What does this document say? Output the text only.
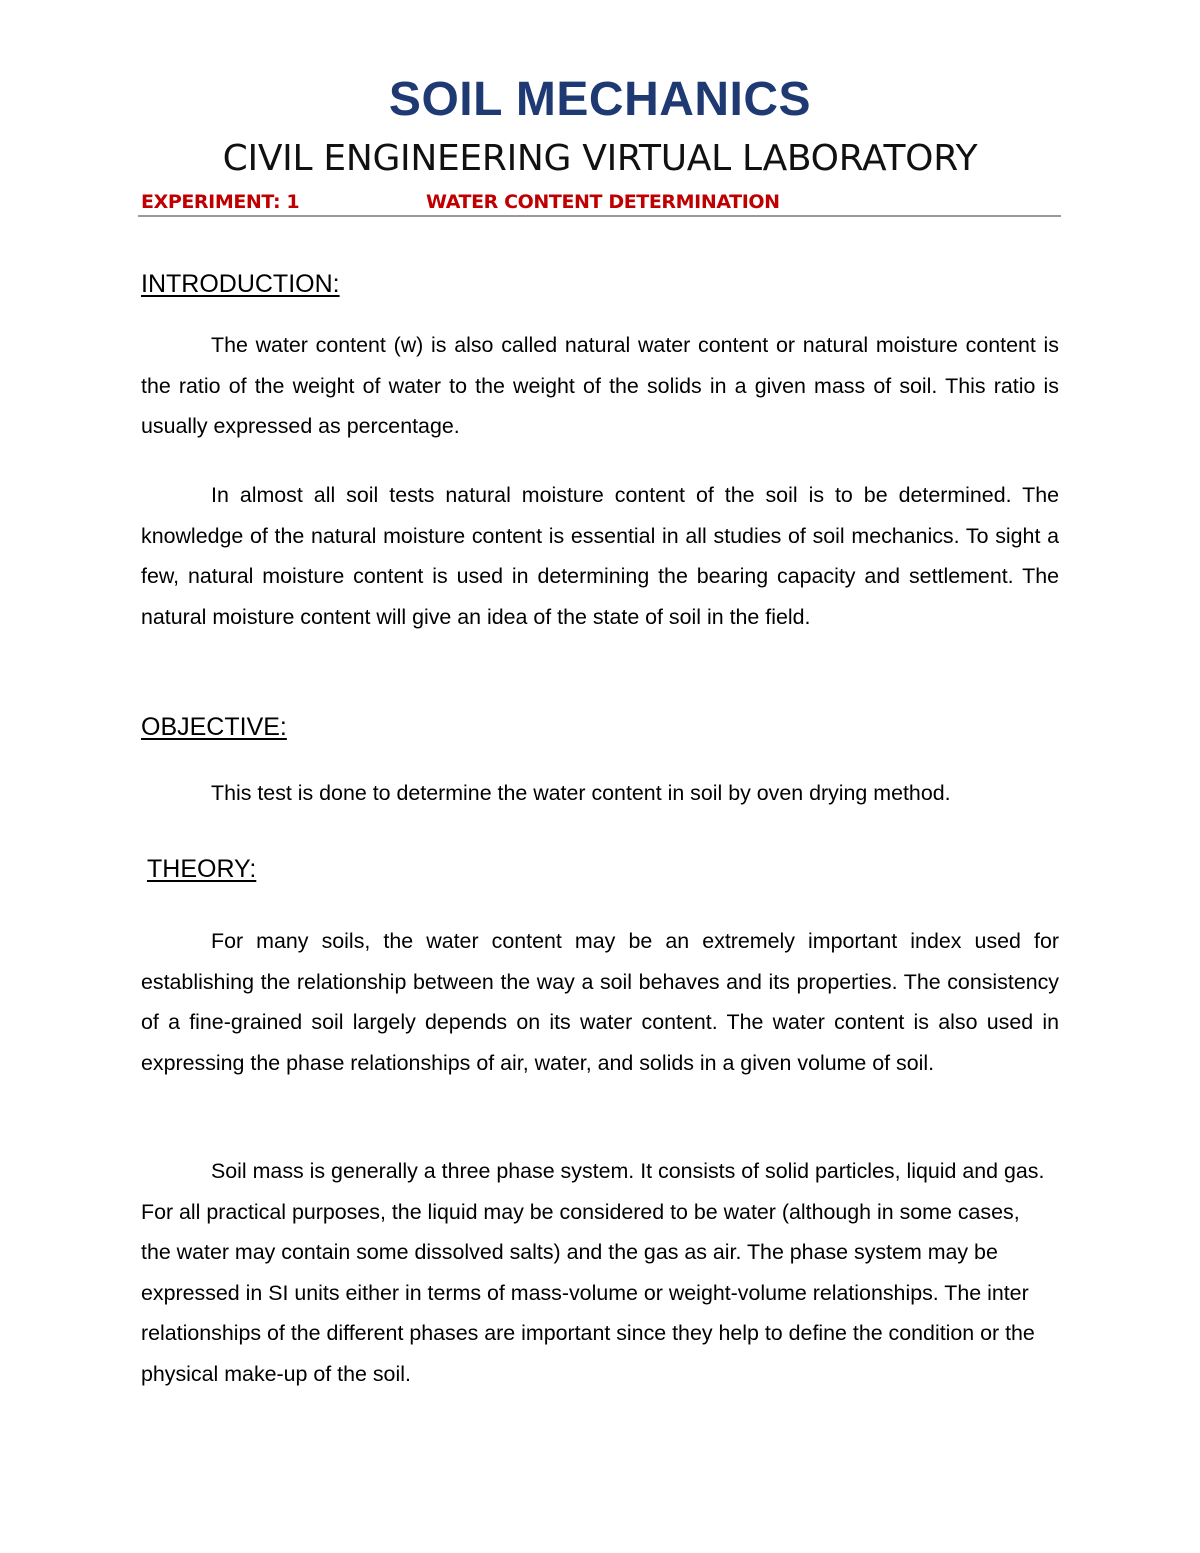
SOIL MECHANICS
CIVIL ENGINEERING VIRTUAL LABORATORY
EXPERIMENT: 1	WATER CONTENT DETERMINATION
INTRODUCTION:

The water content (w) is also called natural water content or natural moisture content is the ratio of the weight of water to the weight of the solids in a given mass of soil. This ratio is usually expressed as percentage.

In almost all soil tests natural moisture content of the soil is to be determined. The knowledge of the natural moisture content is essential in all studies of soil mechanics. To sight a few, natural moisture content is used in determining the bearing capacity and settlement. The natural moisture content will give an idea of the state of soil in the field.

OBJECTIVE:

This test is done to determine the water content in soil by oven drying method.

THEORY:

For many soils, the water content may be an extremely important index used for establishing the relationship between the way a soil behaves and its properties. The consistency of a fine-grained soil largely depends on its water content. The water content is also used in expressing the phase relationships of air, water, and solids in a given volume of soil.

Soil mass is generally a three phase system. It consists of solid particles, liquid and gas. For all practical purposes, the liquid may be considered to be water (although in some cases, the water may contain some dissolved salts) and the gas as air. The phase system may be expressed in SI units either in terms of mass-volume or weight-volume relationships. The inter relationships of the different phases are important since they help to define the condition or the physical make-up of the soil.
